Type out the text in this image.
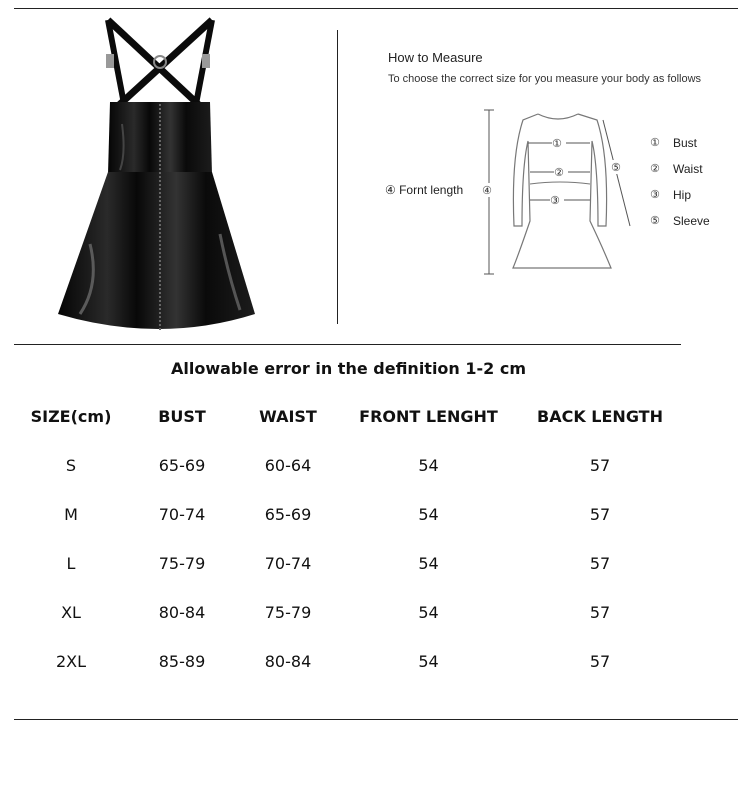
How to Measure
To choose the correct size for you measure your body as follows
④ Fornt length ④
①
②
③
⑤
① Bust
② Waist
③ Hip
⑤ Sleeve
Allowable error in the definition 1-2 cm
SIZE(cm)	BUST	WAIST	FRONT LENGHT	BACK LENGTH
S	65-69	60-64	54	57
M	70-74	65-69	54	57
L	75-79	70-74	54	57
XL	80-84	75-79	54	57
2XL	85-89	80-84	54	57
